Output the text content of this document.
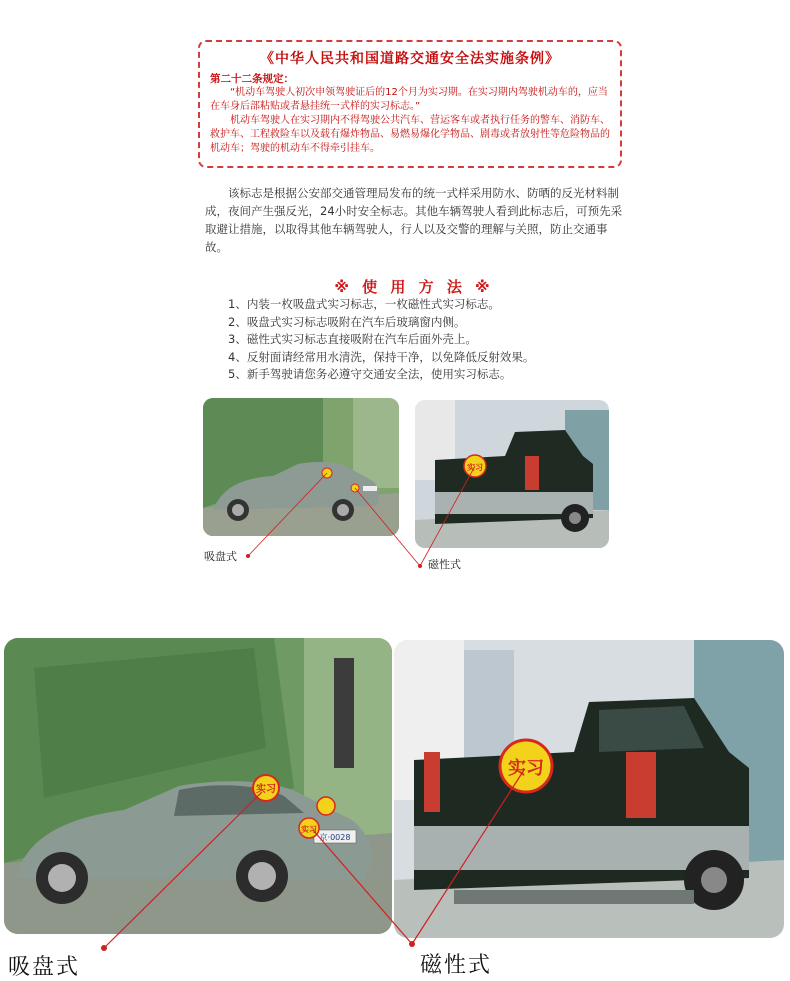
《中华人民共和国道路交通安全法实施条例》

第二十二条规定：

“机动车驾驶人初次申领驾驶证后的12个月为实习期。在实习期内驾驶机动车的，应当在车身后部粘贴或者悬挂统一式样的实习标志。”

机动车驾驶人在实习期内不得驾驶公共汽车、营运客车或者执行任务的警车、消防车、救护车、工程救险车以及载有爆炸物品、易燃易爆化学物品、剧毒或者放射性等危险物品的机动车；驾驶的机动车不得牵引挂车。

该标志是根据公安部交通管理局发布的统一式样采用防水、防晒的反光材料制成，夜间产生强反光，24小时安全标志。其他车辆驾驶人看到此标志后，可预先采取避让措施，以取得其他车辆驾驶人，行人以及交警的理解与关照，防止交通事故。

※ 使 用 方 法 ※
1、内装一枚吸盘式实习标志，一枚磁性式实习标志。
2、吸盘式实习标志吸附在汽车后玻璃窗内侧。
3、磁性式实习标志直接吸附在汽车后面外壳上。
4、反射面请经常用水清洗，保持干净，以免降低反射效果。
5、新手驾驶请您务必遵守交通安全法，使用实习标志。
实习
吸盘式
磁性式
京·0028
实习
实习
实习
吸盘式	磁性式
